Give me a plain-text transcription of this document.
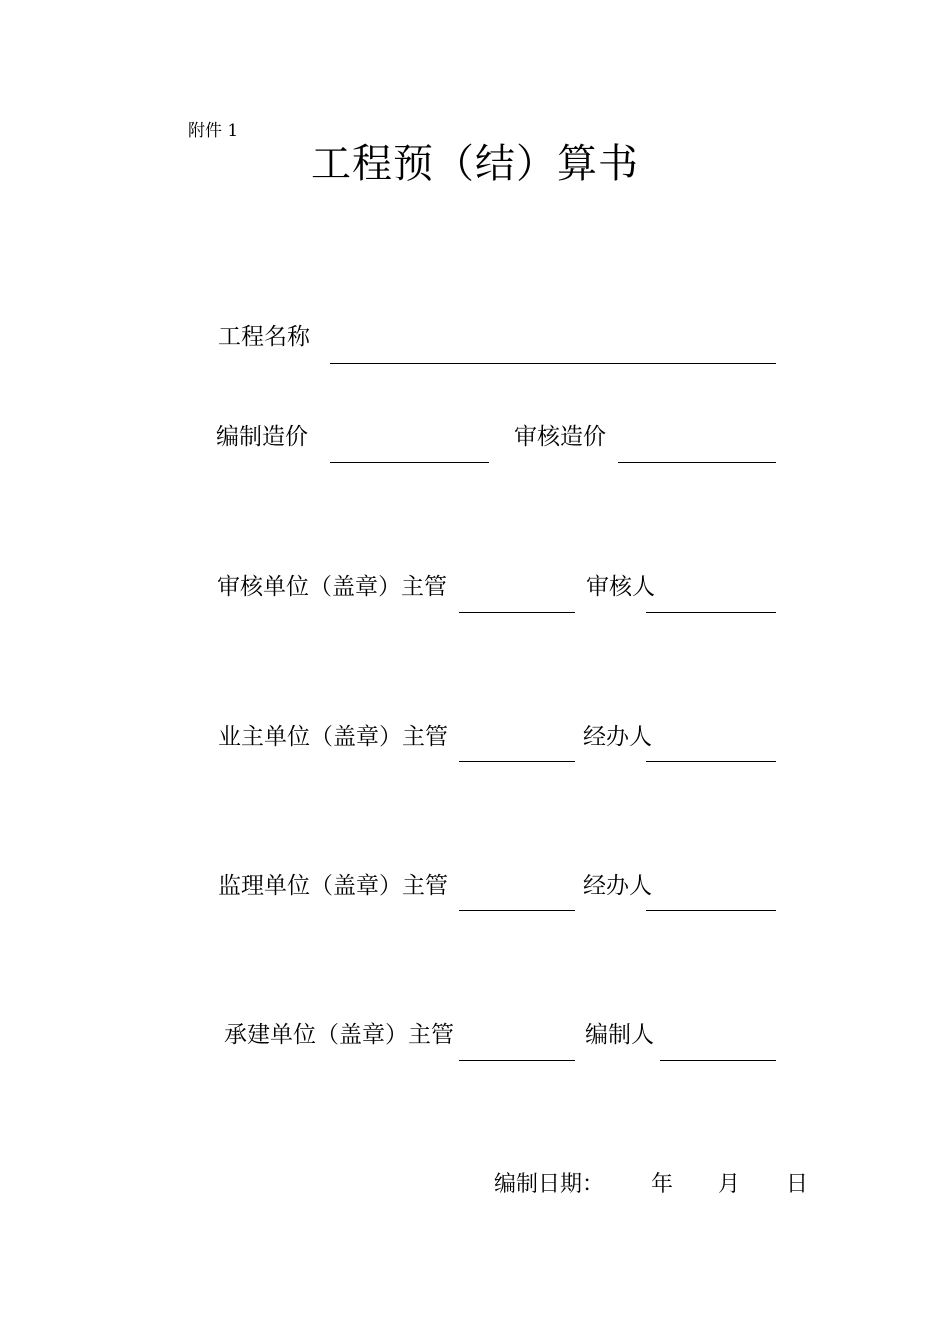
附件 1
工程预（结）算书
工程名称
编制造价	审核造价
审核单位（盖章）主管	审核人
业主单位（盖章）主管	经办人
监理单位（盖章）主管	经办人
承建单位（盖章）主管	编制人
编制日期： 年 月 日
